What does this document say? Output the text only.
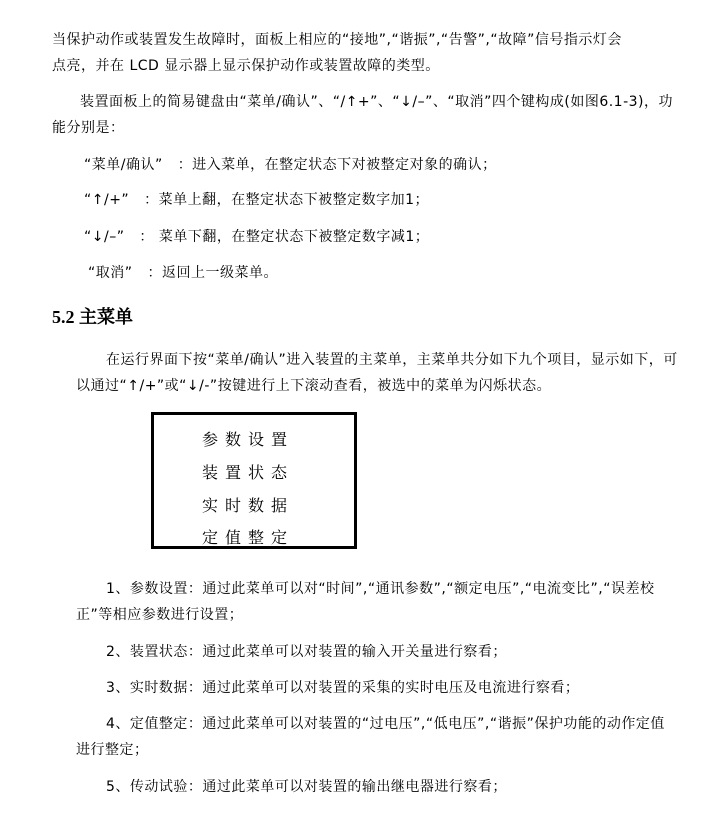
当保护动作或装置发生故障时，面板上相应的“接地”,“谐振”,“告警”,“故障”信号指示灯会
点亮，并在 LCD 显示器上显示保护动作或装置故障的类型。
装置面板上的简易键盘由“菜单/确认”、“/↑+”、“↓/–”、“取消”四个键构成(如图6.1-3)，功
能分别是：
“菜单/确认” ：进入菜单，在整定状态下对被整定对象的确认；
“↑/+” ：菜单上翻，在整定状态下被整定数字加1；
“↓/–” ： 菜单下翻，在整定状态下被整定数字减1；
“取消” ：返回上一级菜单。
5.2 主菜单
在运行界面下按“菜单/确认”进入装置的主菜单，主菜单共分如下九个项目，显示如下，可
以通过“↑/+”或“↓/-”按键进行上下滚动查看，被选中的菜单为闪烁状态。
参数设置
装置状态
实时数据
定值整定
1、参数设置：通过此菜单可以对“时间”,“通讯参数”,“额定电压”,“电流变比”,“误差校
正”等相应参数进行设置；
2、装置状态：通过此菜单可以对装置的输入开关量进行察看；
3、实时数据：通过此菜单可以对装置的采集的实时电压及电流进行察看；
4、定值整定：通过此菜单可以对装置的“过电压”,“低电压”,“谐振”保护功能的动作定值
进行整定；
5、传动试验：通过此菜单可以对装置的输出继电器进行察看；
